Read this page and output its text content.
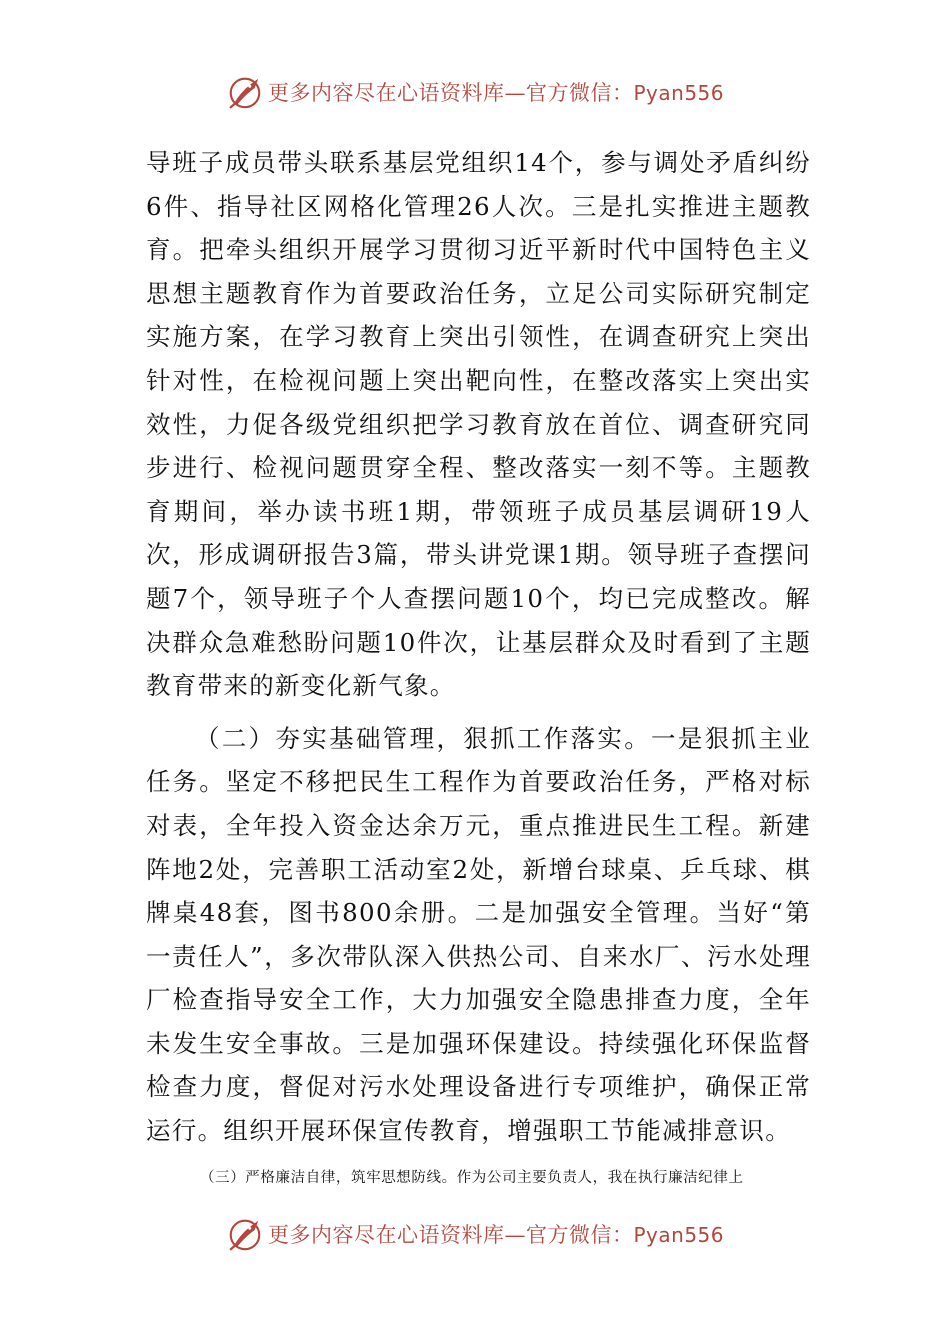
更多内容尽在心语资料库—官方微信：Pyan556

导班子成员带头联系基层党组织14个，参与调处矛盾纠纷6件、指导社区网格化管理26人次。三是扎实推进主题教育。把牵头组织开展学习贯彻习近平新时代中国特色主义思想主题教育作为首要政治任务，立足公司实际研究制定实施方案，在学习教育上突出引领性，在调查研究上突出针对性，在检视问题上突出靶向性，在整改落实上突出实效性，力促各级党组织把学习教育放在首位、调查研究同步进行、检视问题贯穿全程、整改落实一刻不等。主题教育期间，举办读书班1期，带领班子成员基层调研19人次，形成调研报告3篇，带头讲党课1期。领导班子查摆问题7个，领导班子个人查摆问题10个，均已完成整改。解决群众急难愁盼问题10件次，让基层群众及时看到了主题教育带来的新变化新气象。

（二）夯实基础管理，狠抓工作落实。一是狠抓主业任务。坚定不移把民生工程作为首要政治任务，严格对标对表，全年投入资金达余万元，重点推进民生工程。新建阵地2处，完善职工活动室2处，新增台球桌、乒乓球、棋牌桌48套，图书800余册。二是加强安全管理。当好“第一责任人”，多次带队深入供热公司、自来水厂、污水处理厂检查指导安全工作，大力加强安全隐患排查力度，全年未发生安全事故。三是加强环保建设。持续强化环保监督检查力度，督促对污水处理设备进行专项维护，确保正常运行。组织开展环保宣传教育，增强职工节能减排意识。

（三）严格廉洁自律，筑牢思想防线。作为公司主要负责人，我在执行廉洁纪律上
更多内容尽在心语资料库—官方微信：Pyan556
